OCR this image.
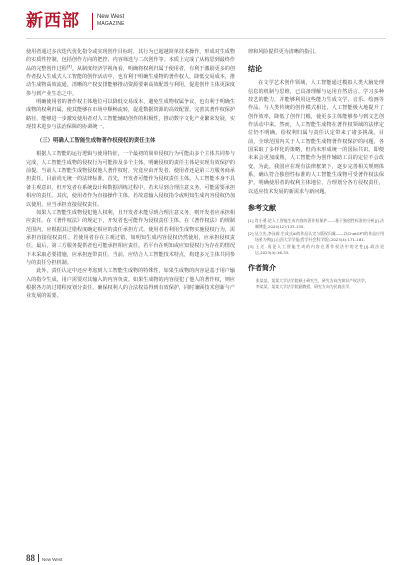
新西部	New West
MAGAZINE

使用者通过多次迭代优化指令或实现创作目标时，其行为已超越简单技术操作，形成对生成物的实质性控制，包括创作方向的把控、内容筛选与二次创作等。本质上完成了从构思到最终作品的完整创作过程[3]。从制度经济学视角看，明确将权利归属于使用者，有利于激励更多的创作者投入生成式人工智能的创作活动中，也有利于明确生成物的著作权人，降低交易成本，推动生成物高效流通。清晰的产权安排能够推动资源要素高效配置与利用，促进创作主体更深度参与到产业生态之中。

明确使用者的著作权主体地位可以降低交易成本，避免生成物权属争议，也有利于明确生成物的权利归属，使其能够在市场中顺畅流转，促进数据资源的高效配置。完善其著作权保护路径，能够进一步激发使用者对人工智能辅助创作的积极性，推动数字文化产业繁荣发展，实现技术进步与法治保障的协调统一。

（三）明确人工智能生成物著作权侵权的责任主体

根据人工智能的运行逻辑与使用特征，一个最初的简单侵权行为可能由多个主体共同参与完成，人工智能生成物的侵权行为可能涉及多个主体，明确侵权的责任主体是实现有效保护的前提。当前人工智能生成物侵权他人著作权时，究竟应由开发者、使用者还是第三方服务商承担责任，目前尚无统一的法律标准。首先，开发者可能作为侵权责任主体。人工智能本身不具备主观意识，但开发者在系统设计和数据训练过程中，若未尽到合理注意义务，可能需要承担相应的责任。其次，使用者作为直接操作主体，若故意输入侵权指令或明知生成内容侵权仍加以使用，应当承担直接侵权责任。

如果人工智能生成物侵犯他人权利，且开发者未能尽到合理注意义务，则开发者应承担相应责任。在《著作权法》的规定下，开发者也可能作为侵权责任主体。在《著作权法》的规制范围内，应根据其过错程度确定相应的责任承担方式。使用者若利用生成物实施侵权行为，需承担直接侵权责任。若使用者存在主观过错，如明知生成内容侵权仍然使用，应承担侵权责任。最后，第三方服务提供者也可能承担相应责任。若平台在明知或应知侵权行为存在的情况下未采取必要措施，应承担连带责任。当前，应结合人工智能技术特点，构建多元主体共同参与的责任分担机制。

此外，责任认定中还应考虑到人工智能生成物的特殊性，如果生成物的内容是基于用户输入的指令生成，用户需要对其输入的内容负责。如果生成物的内容侵犯了他人的著作权，则应根据各方的过错程度划分责任，确保权利人的合法权益得到有效保护，同时兼顾技术创新与产业发展的需要。

律和风险提供更为清晰的指引。

结论

在文学艺术创作领域，人工智能通过模拟人类大脑处理信息的机制与思维，已具备理解与运用自然语言、学习多种技艺的能力，并能够利用这些能力生成文学、音乐、绘画等作品。与人类传统的创作模式相比，人工智能极大地提升了创作效率，降低了创作门槛，使更多主体能够参与到文艺创作活动中来。然而，人工智能生成物在著作权领域的法律定位仍不明确，给权利归属与责任认定带来了诸多挑战。目前，全球范围内关于人工智能生成物著作权保护的问题，各国采取了多样化的策略，但尚未形成统一的国际共识。即便未来会更加成熟，人工智能作为创作辅助工具的定位不会改变。为此，我国应在现有法律框架下，逐步完善相关规则体系，确认符合独创性标准的人工智能生成物可受著作权法保护，明确使用者的权利主体地位，合理划分各方侵权责任，以适应技术发展的新需求与新问题。

参考文献
[1] 肖小勇.论人工智能生成内容的著作权保护——基于独创性标准的分析[J].法制博览,2024(12):133-135.
[2] 丛立先,李泳霖.生成式AI的作品认定与版权归属——以ChatGPT的作品应用场景为例[J].山西大学学报(哲学社会科学版),2023(4):171-181.
[3] 王迁.再论人工智能生成的内容在著作权法中的定性[J].政法论坛,2023(4):16-33.
作者简介
张某某，某某大学法学院硕士研究生，研究方向为知识产权法学。
李某某，某某大学法学院副教授，研究方向为民商法学。
88 New West
